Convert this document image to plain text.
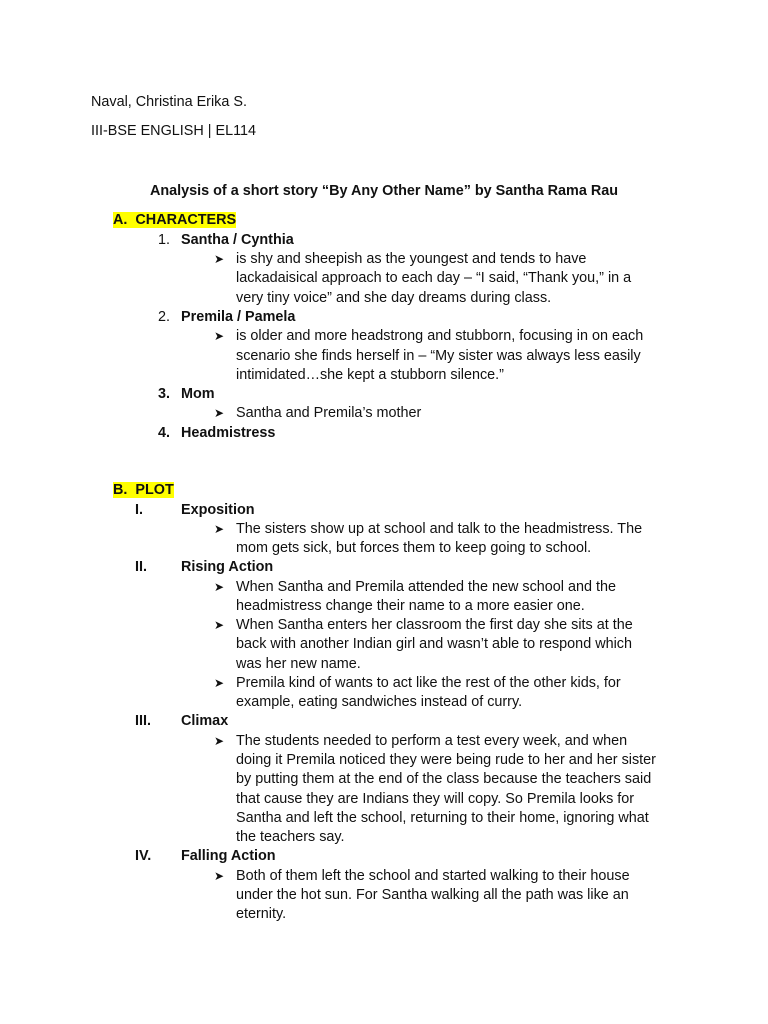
Naval, Christina Erika S.
III-BSE ENGLISH | EL114
Analysis of a short story “By Any Other Name” by Santha Rama Rau
A. CHARACTERS
1. Santha / Cynthia
➤ is shy and sheepish as the youngest and tends to have
lackadaisical approach to each day – “I said, “Thank you,” in a
very tiny voice” and she day dreams during class.
2. Premila / Pamela
➤ is older and more headstrong and stubborn, focusing in on each
scenario she finds herself in – “My sister was always less easily
intimidated…she kept a stubborn silence.”
3. Mom
➤ Santha and Premila’s mother
4. Headmistress
B. PLOT
I.	Exposition
➤ The sisters show up at school and talk to the headmistress. The
mom gets sick, but forces them to keep going to school.
II. Rising Action
➤ When Santha and Premila attended the new school and the
headmistress change their name to a more easier one.
➤ When Santha enters her classroom the first day she sits at the
back with another Indian girl and wasn’t able to respond which
was her new name.
➤ Premila kind of wants to act like the rest of the other kids, for
example, eating sandwiches instead of curry.
III. Climax
➤ The students needed to perform a test every week, and when
doing it Premila noticed they were being rude to her and her sister
by putting them at the end of the class because the teachers said
that cause they are Indians they will copy. So Premila looks for
Santha and left the school, returning to their home, ignoring what
the teachers say.
IV. Falling Action
➤ Both of them left the school and started walking to their house
under the hot sun. For Santha walking all the path was like an
eternity.
